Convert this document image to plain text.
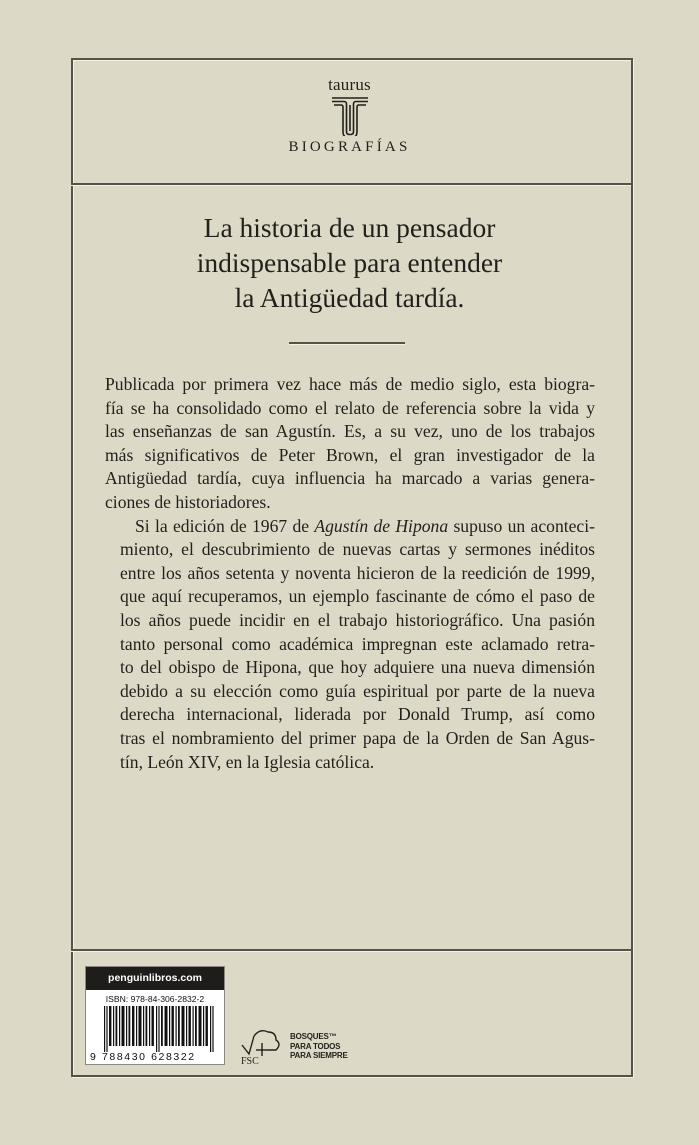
taurus
BIOGRAFÍAS
La historia de un pensador
indispensable para entender
la Antigüedad tardía.

Publicada por primera vez hace más de medio siglo, esta biogra-
fía se ha consolidado como el relato de referencia sobre la vida y
las enseñanzas de san Agustín. Es, a su vez, uno de los trabajos
más significativos de Peter Brown, el gran investigador de la
Antigüedad tardía, cuya influencia ha marcado a varias genera-
ciones de historiadores.

Si la edición de 1967 de Agustín de Hipona supuso un aconteci-
miento, el descubrimiento de nuevas cartas y sermones inéditos
entre los años setenta y noventa hicieron de la reedición de 1999,
que aquí recuperamos, un ejemplo fascinante de cómo el paso de
los años puede incidir en el trabajo historiográfico. Una pasión
tanto personal como académica impregnan este aclamado retra-
to del obispo de Hipona, que hoy adquiere una nueva dimensión
debido a su elección como guía espiritual por parte de la nueva
derecha internacional, liderada por Donald Trump, así como
tras el nombramiento del primer papa de la Orden de San Agus-
tín, León XIV, en la Iglesia católica.

penguinlibros.com
ISBN: 978-84-306-2832-2
9 788430 628322	FSC
BOSQUES™
PARA TODOS
PARA SIEMPRE
